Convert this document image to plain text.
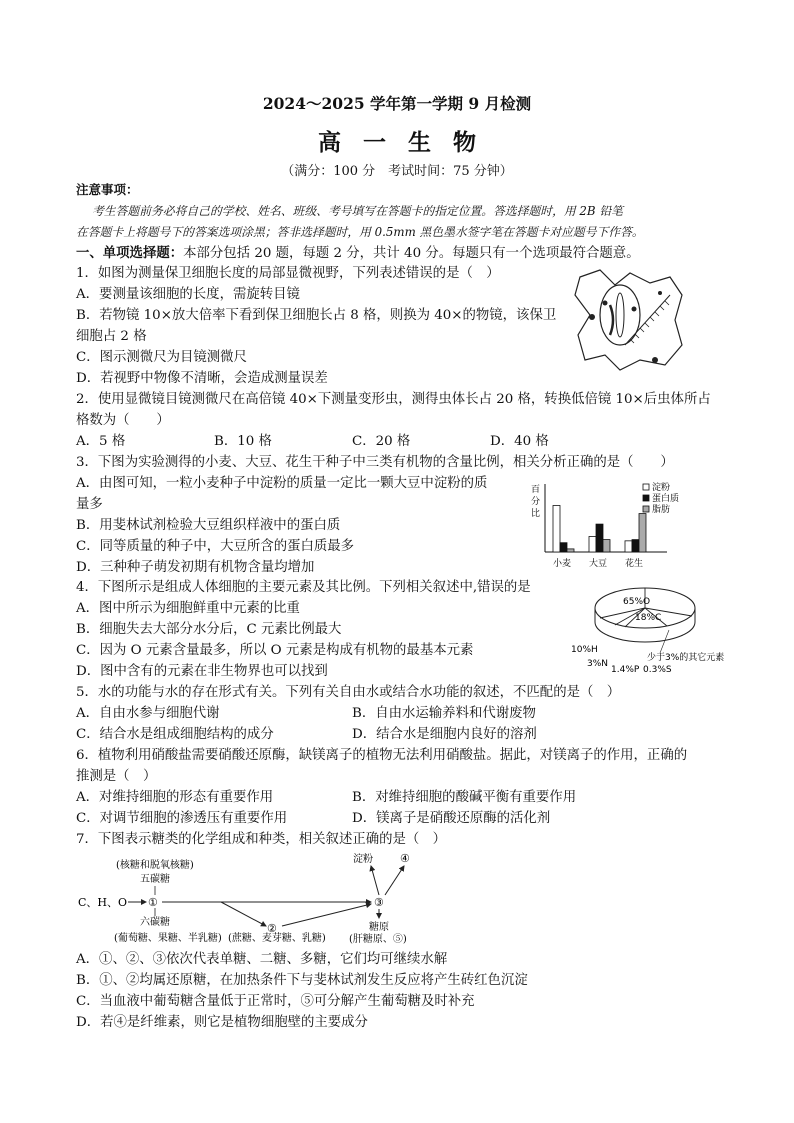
2024～2025 学年第一学期 9 月检测
高一生物
（满分：100 分　考试时间：75 分钟）
注意事项：
考生答题前务必将自己的学校、姓名、班级、考号填写在答题卡的指定位置。答选择题时，用 2B 铅笔
在答题卡上将题号下的答案选项涂黑；答非选择题时，用 0.5mm 黑色墨水签字笔在答题卡对应题号下作答。
一、单项选择题：本部分包括 20 题，每题 2 分，共计 40 分。每题只有一个选项最符合题意。
1．如图为测量保卫细胞长度的局部显微视野，下列表述错误的是（　）
A．要测量该细胞的长度，需旋转目镜
B．若物镜 10×放大倍率下看到保卫细胞长占 8 格，则换为 40×的物镜，该保卫
细胞占 2 格
C．图示测微尺为目镜测微尺
D．若视野中物像不清晰，会造成测量误差
2．使用显微镜目镜测微尺在高倍镜 40×下测量变形虫，测得虫体长占 20 格，转换低倍镜 10×后虫体所占
格数为（　　）
A．5 格	B．10 格	C．20 格	D．40 格
3．下图为实验测得的小麦、大豆、花生干种子中三类有机物的含量比例，相关分析正确的是（　　）
A．由图可知，一粒小麦种子中淀粉的质量一定比一颗大豆中淀粉的质
量多
B．用斐林试剂检验大豆组织样液中的蛋白质
C．同等质量的种子中，大豆所含的蛋白质最多
D．三种种子萌发初期有机物含量均增加
百
分
比
小麦 大豆 花生
淀粉
蛋白质
脂肪
4．下图所示是组成人体细胞的主要元素及其比例。下列相关叙述中,错误的是
A．图中所示为细胞鲜重中元素的比重
B．细胞失去大部分水分后，C 元素比例最大
C．因为 O 元素含量最多，所以 O 元素是构成有机物的最基本元素
D．图中含有的元素在非生物界也可以找到
65%O
18%C
10%H
3%N
1.4%P 0.3%S
少于3%的其它元素
5．水的功能与水的存在形式有关。下列有关自由水或结合水功能的叙述，不匹配的是（　）
A．自由水参与细胞代谢	B．自由水运输养料和代谢废物
C．结合水是组成细胞结构的成分	D．结合水是细胞内良好的溶剂
6．植物利用硝酸盐需要硝酸还原酶，缺镁离子的植物无法利用硝酸盐。据此，对镁离子的作用，正确的
推测是（　）
A．对维持细胞的形态有重要作用	B．对维持细胞的酸碱平衡有重要作用
C．对调节细胞的渗透压有重要作用	D．镁离子是硝酸还原酶的活化剂
7．下图表示糖类的化学组成和种类，相关叙述正确的是（　）
C、H、O ①
(核糖和脱氧核糖)
五碳糖
六碳糖
(葡萄糖、果糖、半乳糖)
②
(蔗糖、麦芽糖、乳糖)
③
淀粉 ④
糖原
(肝糖原、⑤)
A．①、②、③依次代表单糖、二糖、多糖，它们均可继续水解
B．①、②均属还原糖，在加热条件下与斐林试剂发生反应将产生砖红色沉淀
C．当血液中葡萄糖含量低于正常时，⑤可分解产生葡萄糖及时补充
D．若④是纤维素，则它是植物细胞壁的主要成分
